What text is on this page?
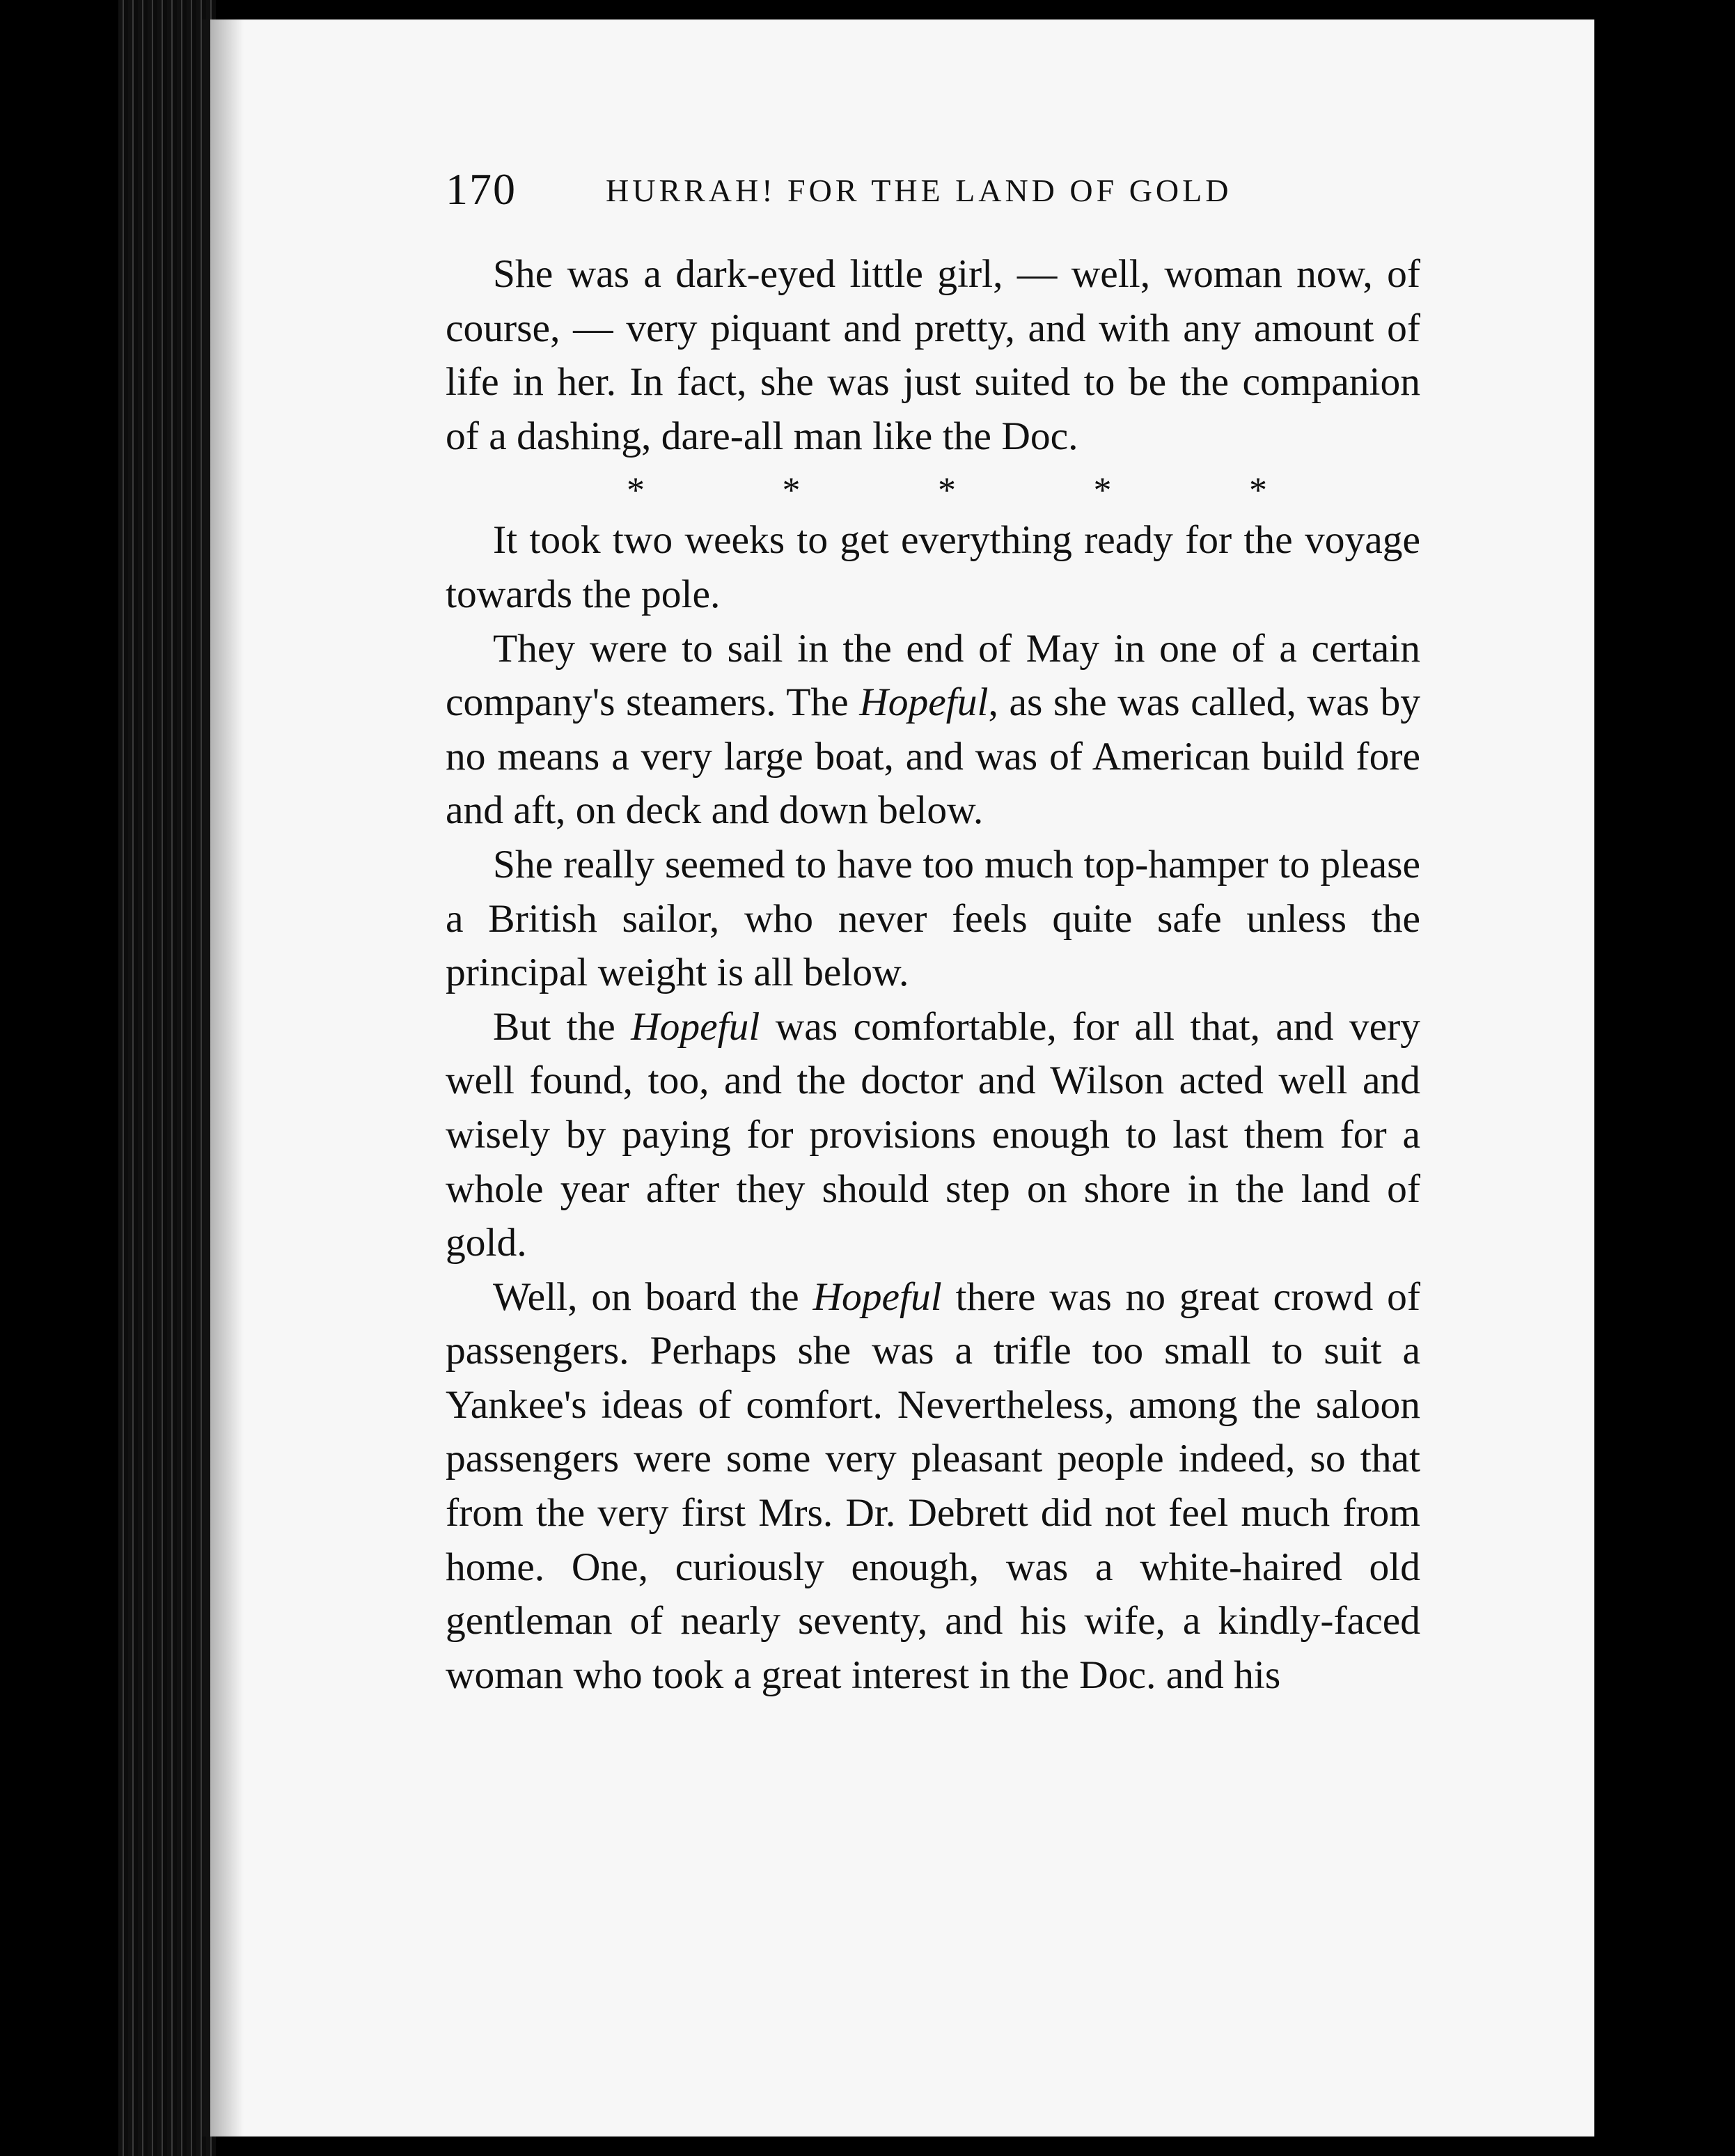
170	HURRAH! FOR THE LAND OF GOLD

She was a dark-eyed little girl, — well, woman now, of course, — very piquant and pretty, and with any amount of life in her. In fact, she was just suited to be the companion of a dashing, dare-all man like the Doc.

*	*	*	*	*

It took two weeks to get everything ready for the voyage towards the pole.

They were to sail in the end of May in one of a certain company's steamers. The Hopeful, as she was called, was by no means a very large boat, and was of American build fore and aft, on deck and down below.

She really seemed to have too much top-hamper to please a British sailor, who never feels quite safe unless the principal weight is all below.

But the Hopeful was comfortable, for all that, and very well found, too, and the doctor and Wilson acted well and wisely by paying for provisions enough to last them for a whole year after they should step on shore in the land of gold.

Well, on board the Hopeful there was no great crowd of passengers. Perhaps she was a trifle too small to suit a Yankee's ideas of comfort. Nevertheless, among the saloon passengers were some very pleasant people indeed, so that from the very first Mrs. Dr. Debrett did not feel much from home. One, curiously enough, was a white-haired old gentleman of nearly seventy, and his wife, a kindly-faced woman who took a great interest in the Doc. and his
